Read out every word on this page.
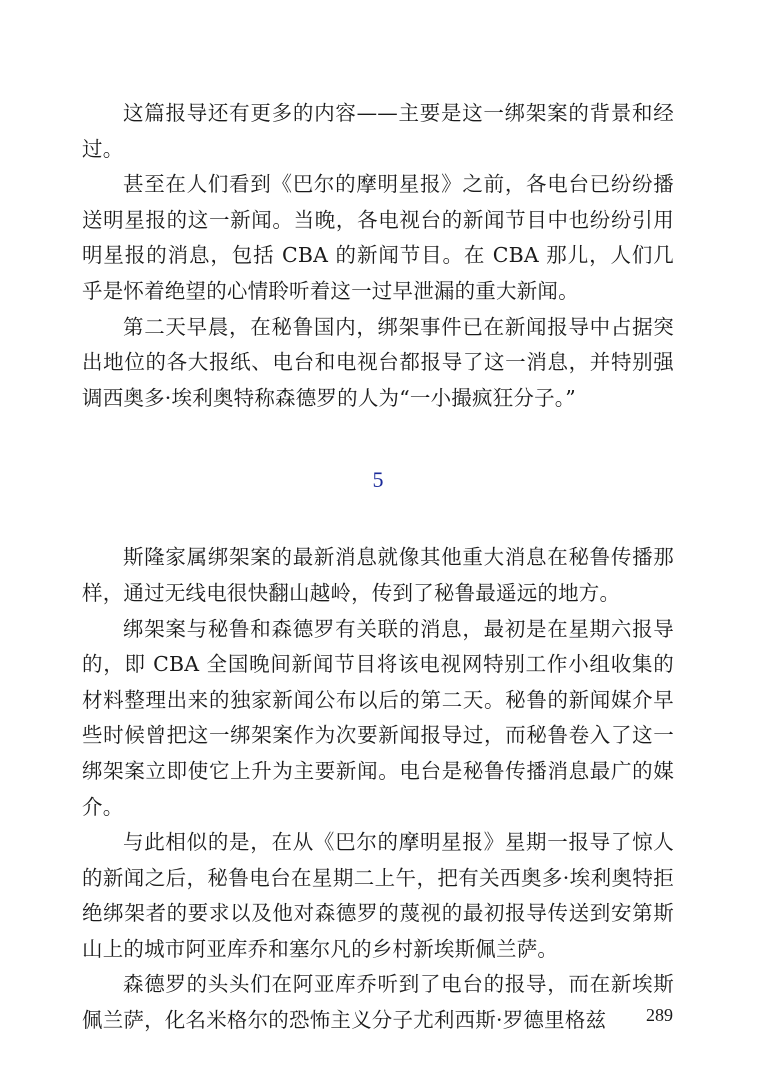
这篇报导还有更多的内容——主要是这一绑架案的背景和经过。

甚至在人们看到《巴尔的摩明星报》之前，各电台已纷纷播送明星报的这一新闻。当晚，各电视台的新闻节目中也纷纷引用明星报的消息，包括 CBA 的新闻节目。在 CBA 那儿，人们几乎是怀着绝望的心情聆听着这一过早泄漏的重大新闻。

第二天早晨，在秘鲁国内，绑架事件已在新闻报导中占据突出地位的各大报纸、电台和电视台都报导了这一消息，并特别强调西奥多·埃利奥特称森德罗的人为“一小撮疯狂分子。”

5

斯隆家属绑架案的最新消息就像其他重大消息在秘鲁传播那样，通过无线电很快翻山越岭，传到了秘鲁最遥远的地方。

绑架案与秘鲁和森德罗有关联的消息，最初是在星期六报导的，即 CBA 全国晚间新闻节目将该电视网特别工作小组收集的材料整理出来的独家新闻公布以后的第二天。秘鲁的新闻媒介早些时候曾把这一绑架案作为次要新闻报导过，而秘鲁卷入了这一绑架案立即使它上升为主要新闻。电台是秘鲁传播消息最广的媒介。

与此相似的是，在从《巴尔的摩明星报》星期一报导了惊人的新闻之后，秘鲁电台在星期二上午，把有关西奥多·埃利奥特拒绝绑架者的要求以及他对森德罗的蔑视的最初报导传送到安第斯山上的城市阿亚库乔和塞尔凡的乡村新埃斯佩兰萨。

森德罗的头头们在阿亚库乔听到了电台的报导，而在新埃斯佩兰萨，化名米格尔的恐怖主义分子尤利西斯·罗德里格兹	289
